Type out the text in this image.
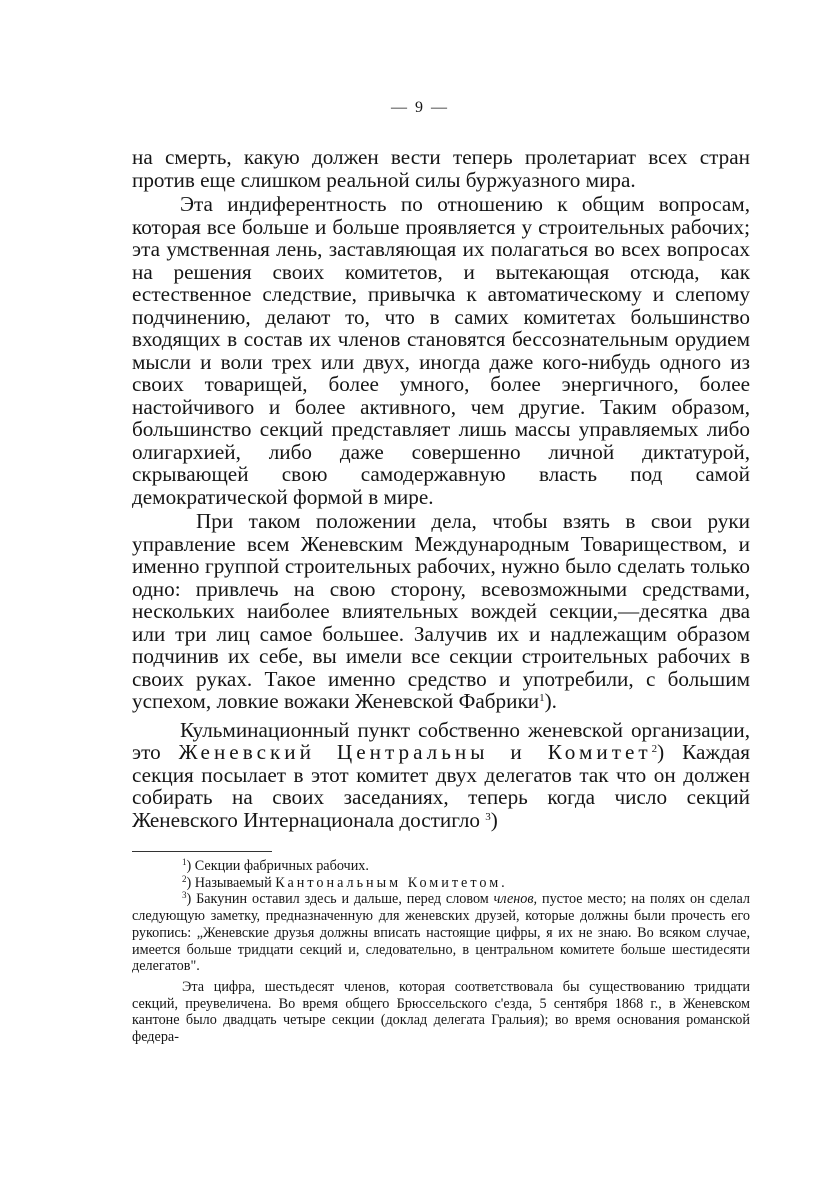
— 9 —

на смерть, какую должен вести теперь пролетариат всех стран против еще слишком реальной силы буржуазного мира.

Эта индиферентность по отношению к общим вопросам, которая все больше и больше проявляется у строительных рабочих; эта умственная лень, заставляющая их полагаться во всех вопросах на решения своих комитетов, и вытекающая отсюда, как естественное следствие, привычка к автоматическому и слепому подчинению, делают то, что в самих комитетах большинство входящих в состав их членов становятся бессознательным орудием мысли и воли трех или двух, иногда даже кого-нибудь одного из своих товарищей, более умного, более энергичного, более настойчивого и более активного, чем другие. Таким образом, большинство секций представляет лишь массы управляемых либо олигархией, либо даже совершенно личной диктатурой, скрывающей свою самодержавную власть под самой демократической формой в мире.

При таком положении дела, чтобы взять в свои руки управление всем Женевским Международным Товариществом, и именно группой строительных рабочих, нужно было сделать только одно: привлечь на свою сторону, всевозможными средствами, нескольких наиболее влиятельных вождей секции,—десятка два или три лиц самое большее. Залучив их и надлежащим образом подчинив их себе, вы имели все секции строительных рабочих в своих руках. Такое именно средство и употребили, с большим успехом, ловкие вожаки Женевской Фабрики$^1$).

Кульминационный пункт собственно женевской организации, это Женевский Центральны и Комитет$^2$) Каждая секция посылает в этот комитет двух делегатов так что он должен собирать на своих заседаниях, теперь когда число секций Женевского Интернационала достигло $^3$)

$^1$) Секции фабричных рабочих.

$^2$) Называемый Кантональным Комитетом.

$^3$) Бакунин оставил здесь и дальше, перед словом членов, пустое место; на полях он сделал следующую заметку, предназначенную для женевских друзей, которые должны были прочесть его рукопись: „Женевские друзья должны вписать настоящие цифры, я их не знаю. Во всяком случае, имеется больше тридцати секций и, следовательно, в центральном комитете больше шестидесяти делегатов".

Эта цифра, шестьдесят членов, которая соответствовала бы существованию тридцати секций, преувеличена. Во время общего Брюссельского с'езда, 5 сентября 1868 г., в Женевском кантоне было двадцать четыре секции (доклад делегата Гральия); во время основания романской федера-
